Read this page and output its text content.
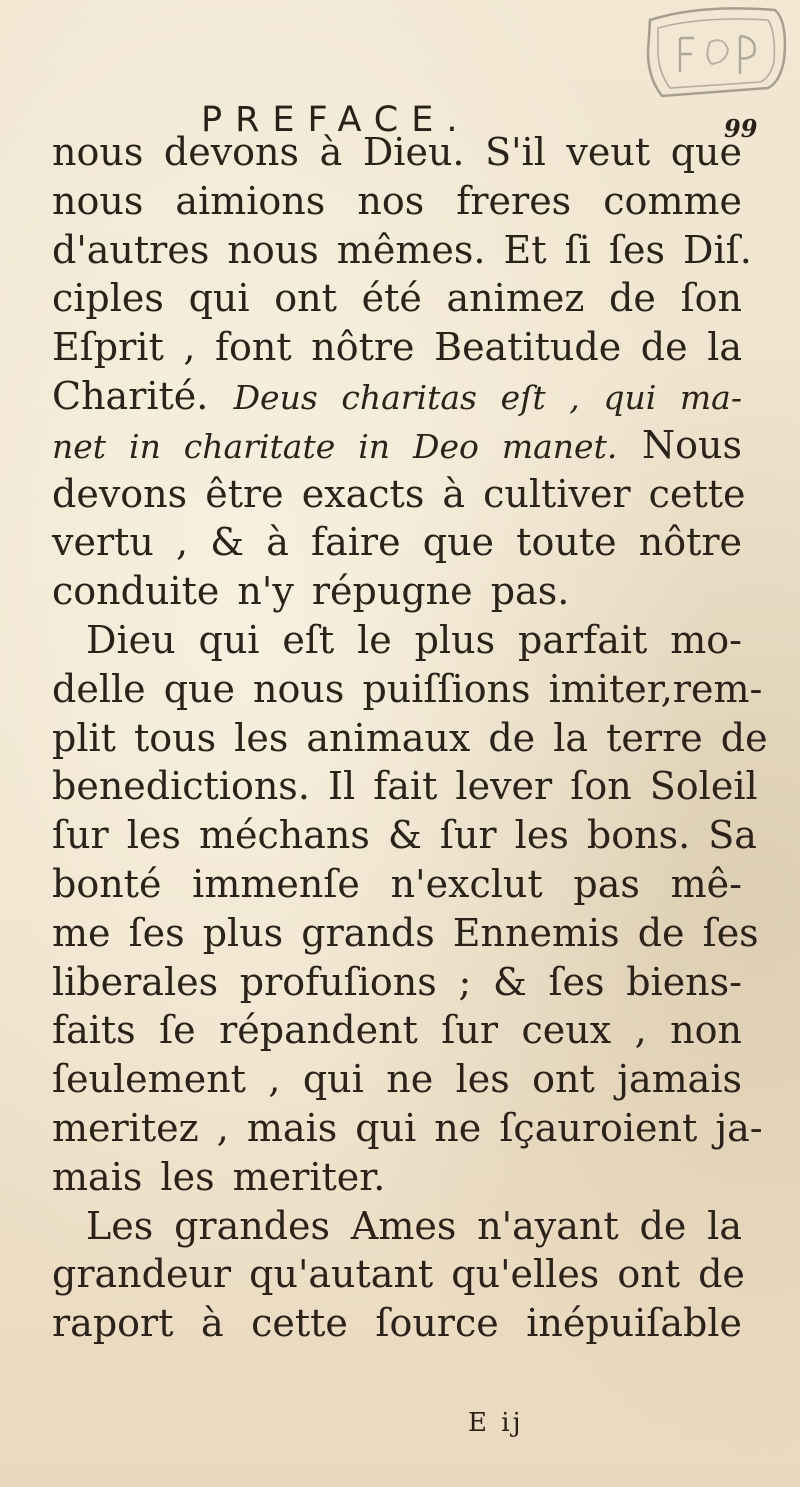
PREFACE.	99
nous devons à Dieu. S'il veut que
nous aimions nos freres comme
d'autres nous mêmes. Et ſi ſes Diſ.
ciples qui ont été animez de ſon
Eſprit , font nôtre Beatitude de la
Charité. Deus charitas eſt , qui ma-
net in charitate in Deo manet. Nous
devons être exacts à cultiver cette
vertu , & à faire que toute nôtre
conduite n'y répugne pas.
Dieu qui eſt le plus parfait mo-
delle que nous puiſſions imiter,rem-
plit tous les animaux de la terre de
benedictions. Il fait lever ſon Soleil
ſur les méchans & ſur les bons. Sa
bonté immenſe n'exclut pas mê-
me ſes plus grands Ennemis de ſes
liberales profuſions ; & ſes biens-
faits ſe répandent ſur ceux , non
ſeulement , qui ne les ont jamais
meritez , mais qui ne ſçauroient ja-
mais les meriter.
Les grandes Ames n'ayant de la
grandeur qu'autant qu'elles ont de
raport à cette ſource inépuiſable
E ij
